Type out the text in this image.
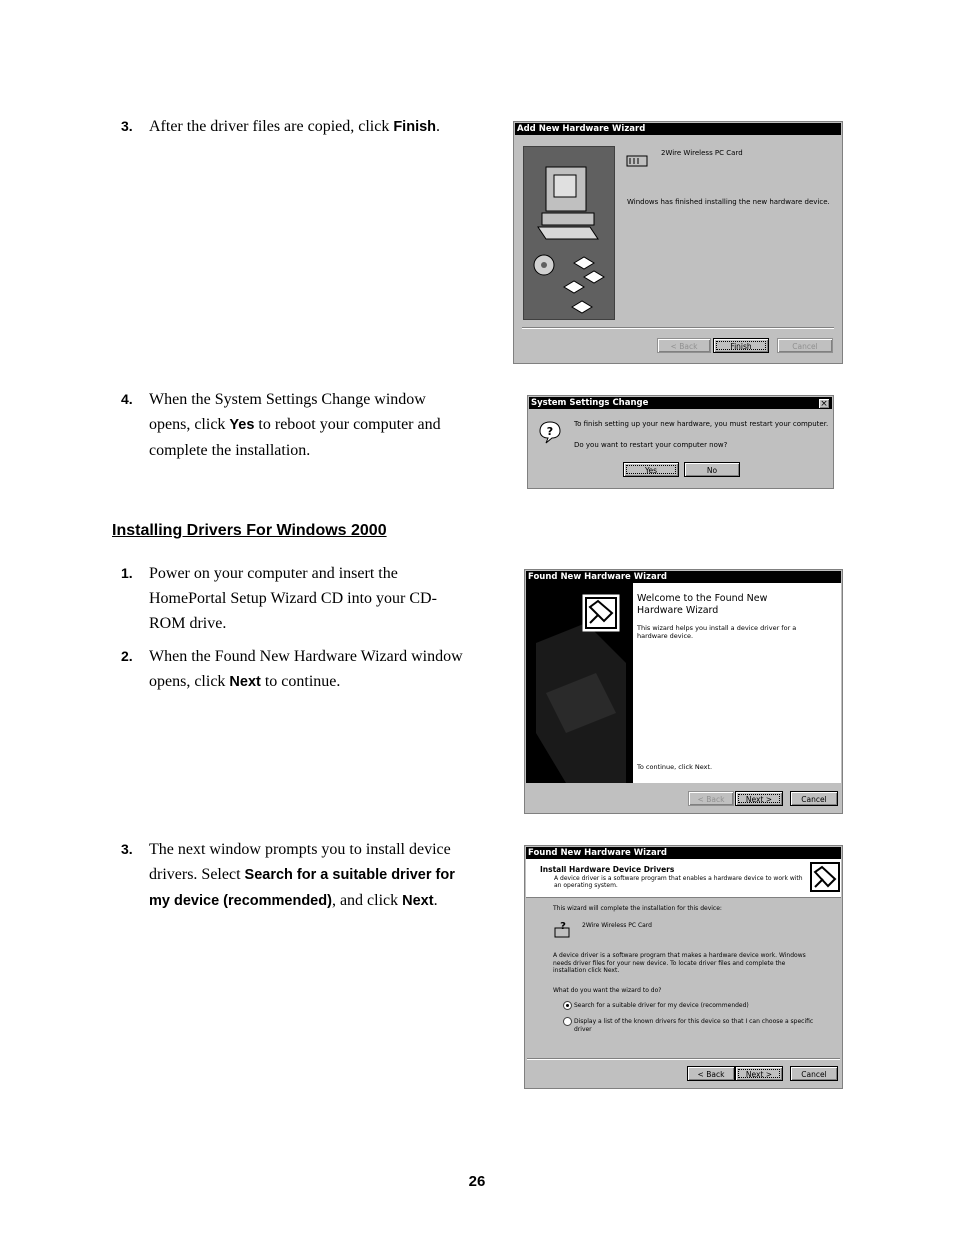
3. After the driver files are copied, click Finish.
4. When the System Settings Change window opens, click Yes to reboot your computer and complete the installation.
Installing Drivers For Windows 2000
1. Power on your computer and insert the HomePortal Setup Wizard CD into your CD-ROM drive.
2. When the Found New Hardware Wizard window opens, click Next to continue.
3. The next window prompts you to install device drivers. Select Search for a suitable driver for my device (recommended), and click Next.
Add New Hardware Wizard
2Wire Wireless PC Card
Windows has finished installing the new hardware device.
< Back	Finish	Cancel
System Settings Change	×
?
To finish setting up your new hardware, you must restart your computer.
Do you want to restart your computer now?
Yes	No
Found New Hardware Wizard
Welcome to the Found New Hardware Wizard
This wizard helps you install a device driver for a hardware device.
To continue, click Next.
< Back	Next >	Cancel
Found New Hardware Wizard
Install Hardware Device Drivers
A device driver is a software program that enables a hardware device to work with an operating system.
This wizard will complete the installation for this device:
?	2Wire Wireless PC Card
A device driver is a software program that makes a hardware device work. Windows needs driver files for your new device. To locate driver files and complete the installation click Next.
What do you want the wizard to do?
Search for a suitable driver for my device (recommended)
Display a list of the known drivers for this device so that I can choose a specific driver
< Back	Next >	Cancel
26
